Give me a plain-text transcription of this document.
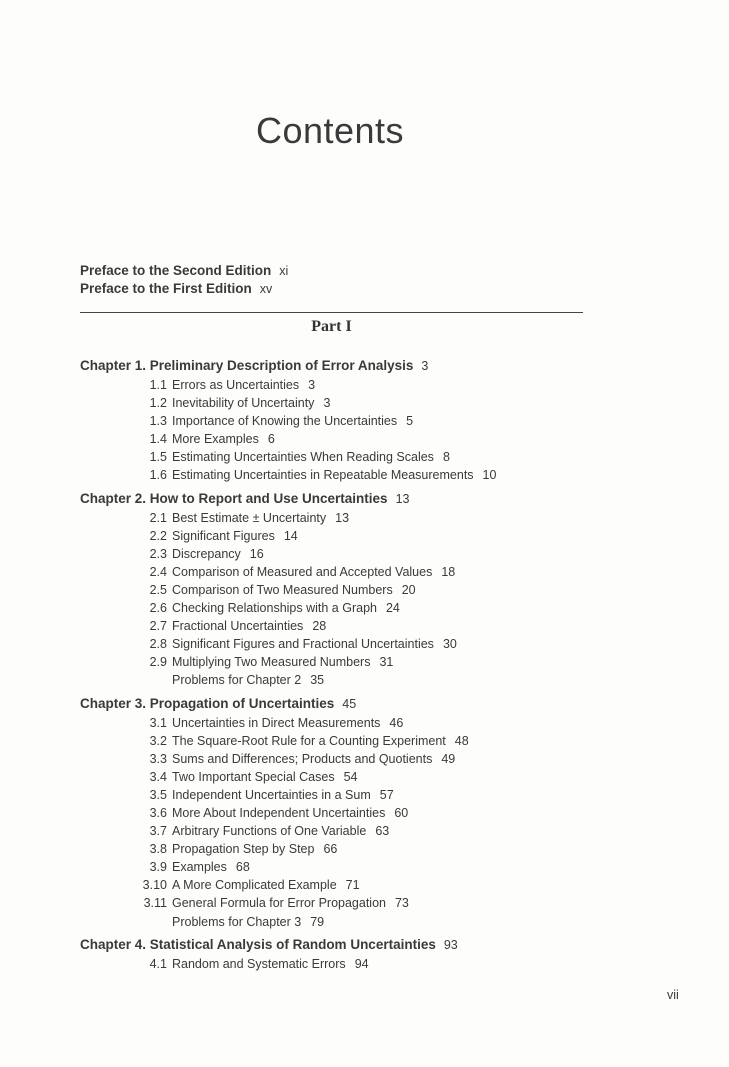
Contents
Preface to the Second Edition xi
Preface to the First Edition xv
Part I
Chapter 1. Preliminary Description of Error Analysis 3
1.1 Errors as Uncertainties 3
1.2 Inevitability of Uncertainty 3
1.3 Importance of Knowing the Uncertainties 5
1.4 More Examples 6
1.5 Estimating Uncertainties When Reading Scales 8
1.6 Estimating Uncertainties in Repeatable Measurements 10
Chapter 2. How to Report and Use Uncertainties 13
2.1 Best Estimate ± Uncertainty 13
2.2 Significant Figures 14
2.3 Discrepancy 16
2.4 Comparison of Measured and Accepted Values 18
2.5 Comparison of Two Measured Numbers 20
2.6 Checking Relationships with a Graph 24
2.7 Fractional Uncertainties 28
2.8 Significant Figures and Fractional Uncertainties 30
2.9 Multiplying Two Measured Numbers 31
Problems for Chapter 2 35
Chapter 3. Propagation of Uncertainties 45
3.1 Uncertainties in Direct Measurements 46
3.2 The Square-Root Rule for a Counting Experiment 48
3.3 Sums and Differences; Products and Quotients 49
3.4 Two Important Special Cases 54
3.5 Independent Uncertainties in a Sum 57
3.6 More About Independent Uncertainties 60
3.7 Arbitrary Functions of One Variable 63
3.8 Propagation Step by Step 66
3.9 Examples 68
3.10 A More Complicated Example 71
3.11 General Formula for Error Propagation 73
Problems for Chapter 3 79
Chapter 4. Statistical Analysis of Random Uncertainties 93
4.1 Random and Systematic Errors 94
vii
